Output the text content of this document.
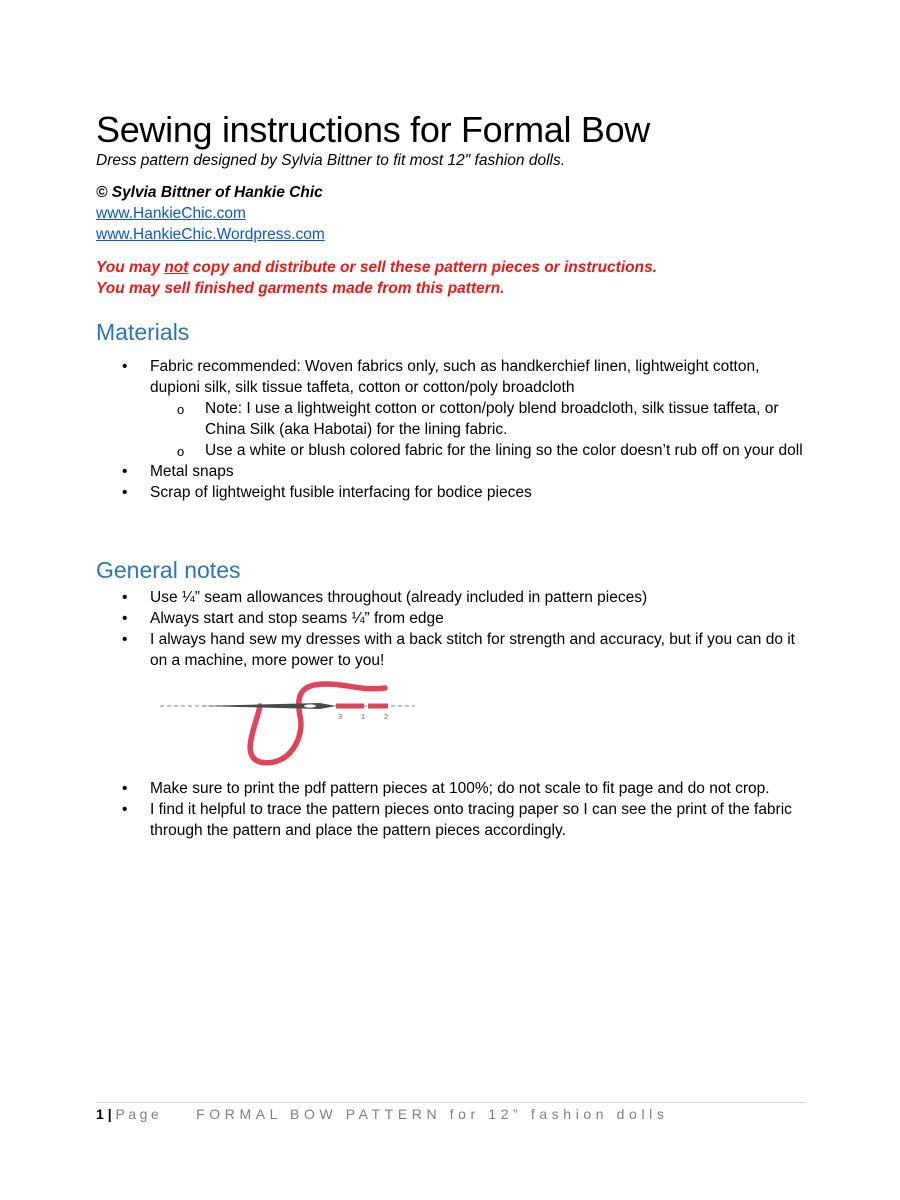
Sewing instructions for Formal Bow
Dress pattern designed by Sylvia Bittner to fit most 12" fashion dolls.
© Sylvia Bittner of Hankie Chic
www.HankieChic.com
www.HankieChic.Wordpress.com
You may not copy and distribute or sell these pattern pieces or instructions.
You may sell finished garments made from this pattern.
Materials
• Fabric recommended: Woven fabrics only, such as handkerchief linen, lightweight cotton, dupioni silk, silk tissue taffeta, cotton or cotton/poly broadcloth
o Note: I use a lightweight cotton or cotton/poly blend broadcloth, silk tissue taffeta, or China Silk (aka Habotai) for the lining fabric.
o Use a white or blush colored fabric for the lining so the color doesn’t rub off on your doll
• Metal snaps
• Scrap of lightweight fusible interfacing for bodice pieces
General notes
• Use ¼” seam allowances throughout (already included in pattern pieces)
• Always start and stop seams ¼” from edge
• I always hand sew my dresses with a back stitch for strength and accuracy, but if you can do it on a machine, more power to you!
• Make sure to print the pdf pattern pieces at 100%; do not scale to fit page and do not crop.
• I find it helpful to trace the pattern pieces onto tracing paper so I can see the print of the fabric through the pattern and place the pattern pieces accordingly.
3	1	2
1 | Page FORMAL BOW PATTERN for 12” fashion dolls
